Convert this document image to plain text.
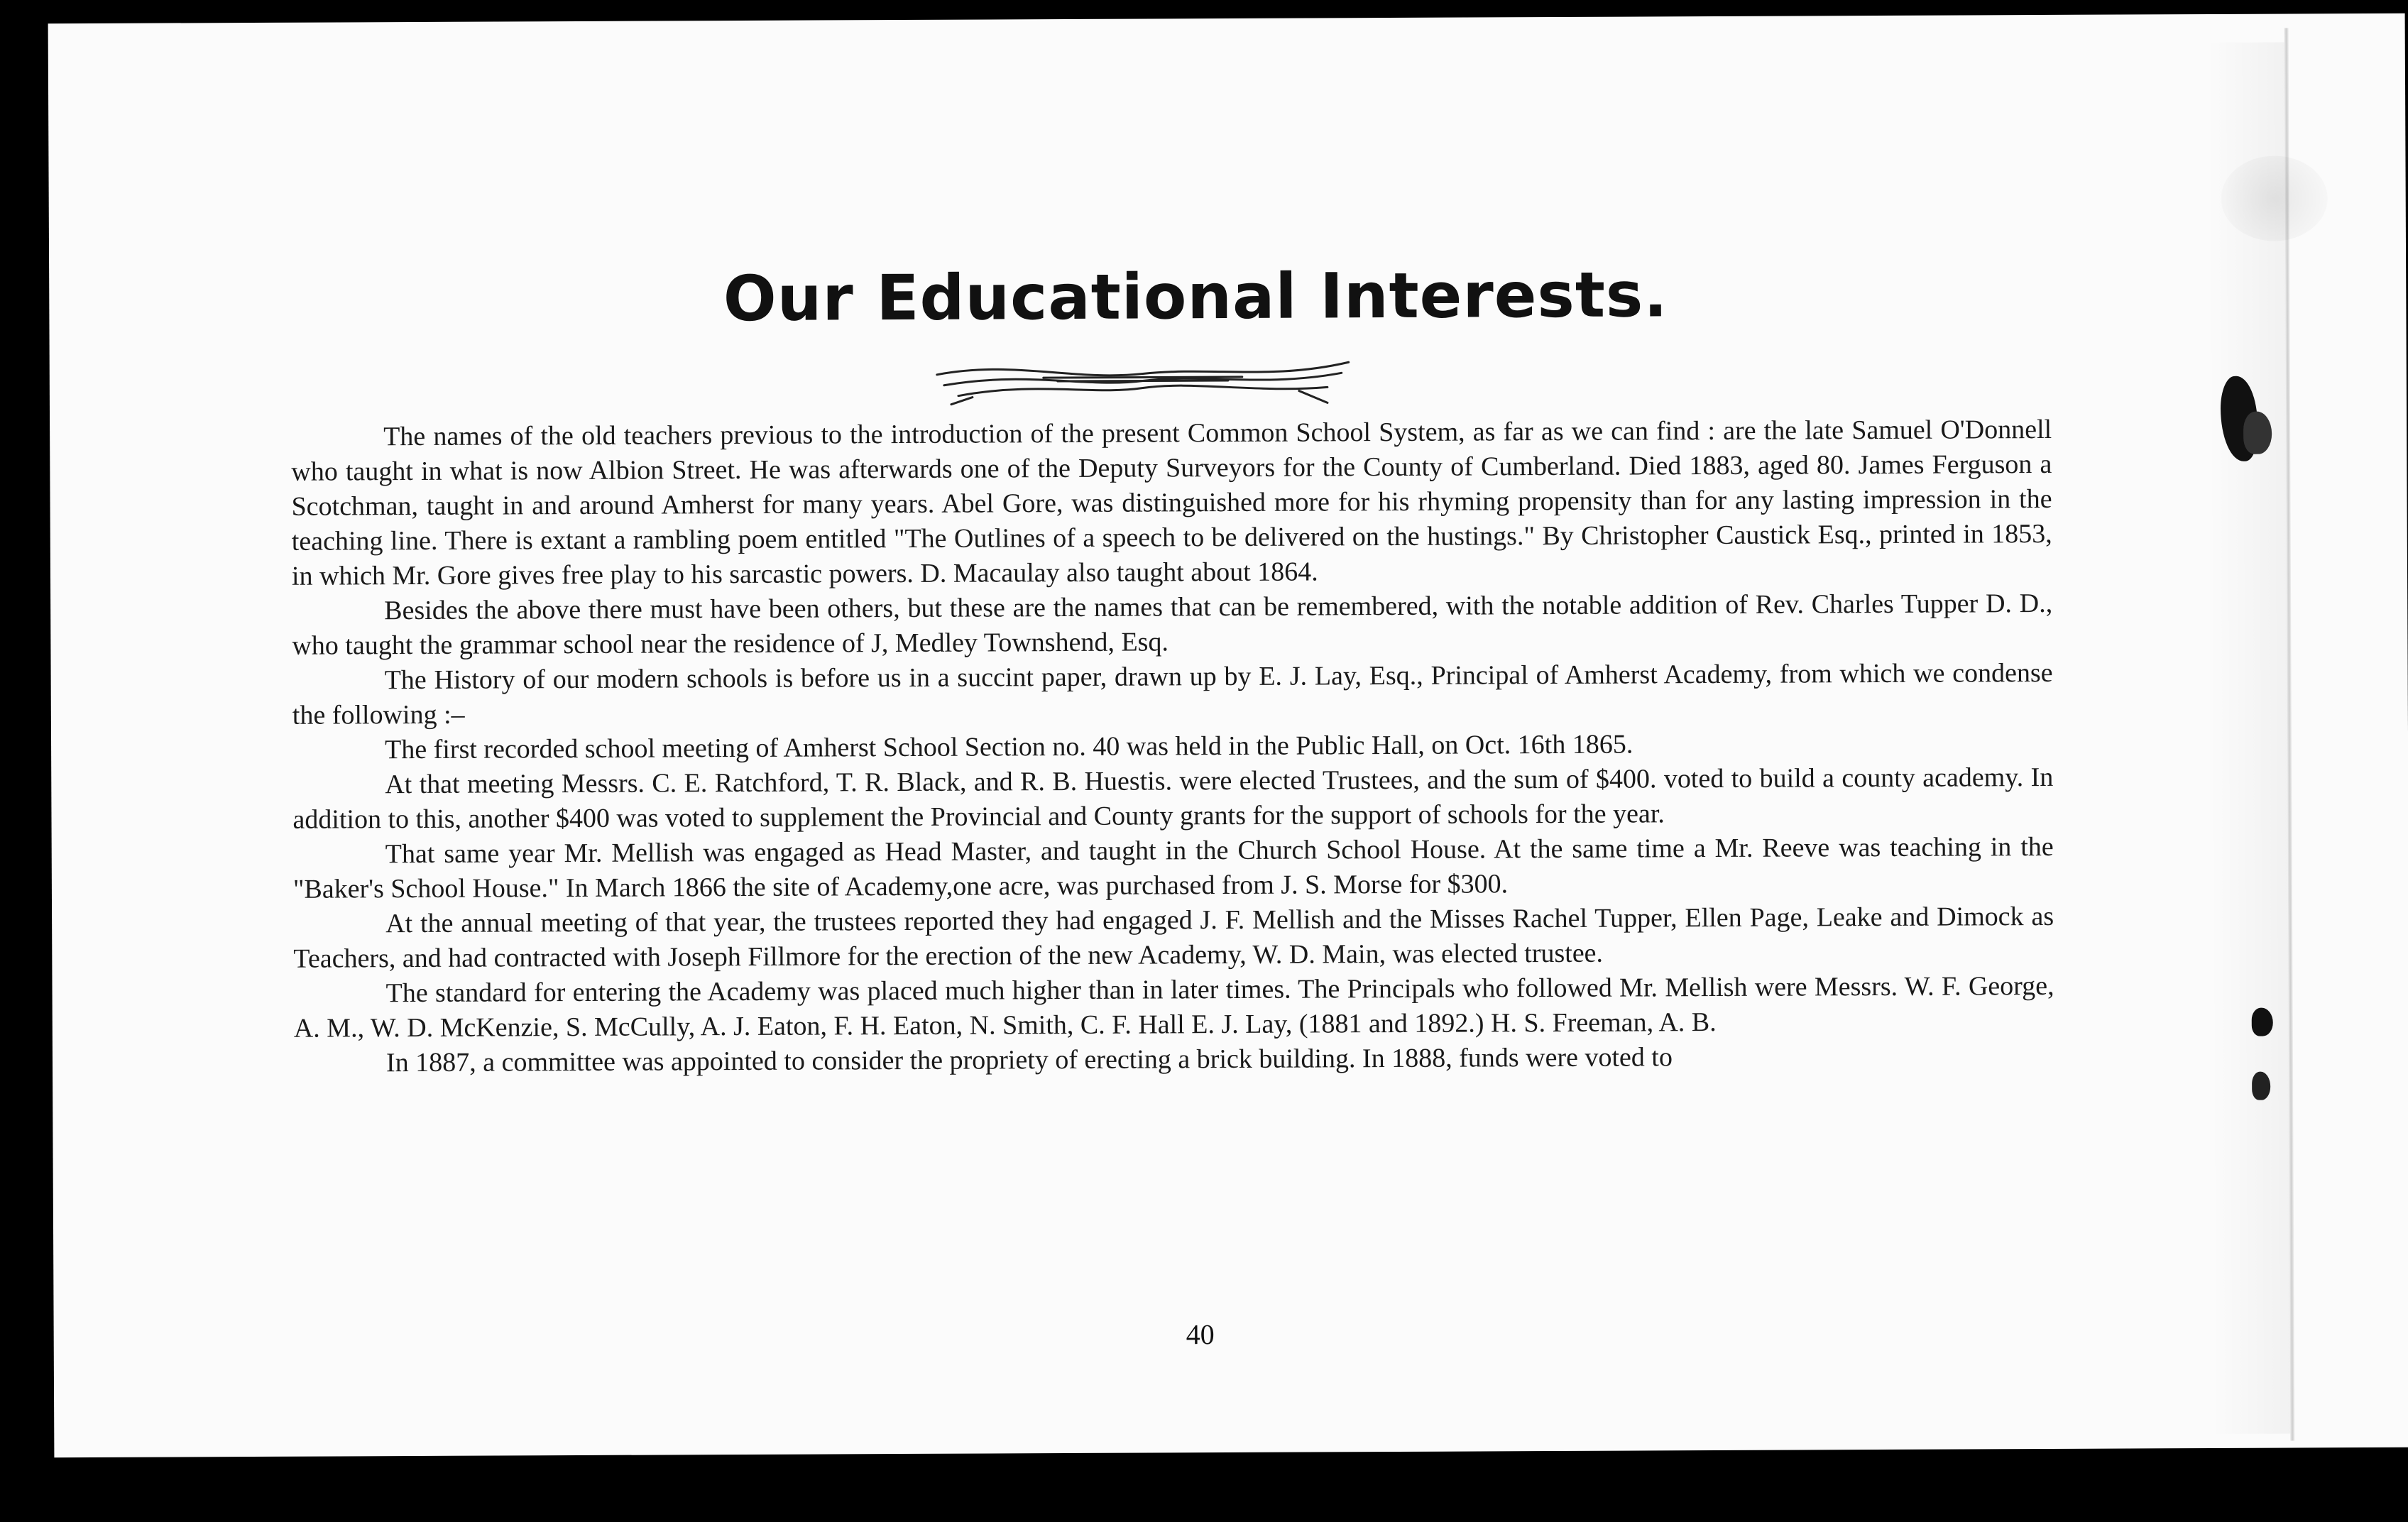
Our Educational Interests.

The names of the old teachers previous to the introduction of the present Common School System, as far as we can find : are the late Samuel O'Donnell who taught in what is now Albion Street. He was afterwards one of the Deputy Surveyors for the County of Cumberland. Died 1883, aged 80. James Ferguson a Scotchman, taught in and around Amherst for many years. Abel Gore, was distinguished more for his rhyming propensity than for any lasting impression in the teaching line. There is extant a rambling poem entitled "The Outlines of a speech to be delivered on the hustings." By Christopher Caustick Esq., printed in 1853, in which Mr. Gore gives free play to his sarcastic powers. D. Macaulay also taught about 1864.

Besides the above there must have been others, but these are the names that can be remembered, with the notable addition of Rev. Charles Tupper D. D., who taught the grammar school near the residence of J, Medley Townshend, Esq.

The History of our modern schools is before us in a succint paper, drawn up by E. J. Lay, Esq., Principal of Amherst Academy, from which we condense the following :–

The first recorded school meeting of Amherst School Section no. 40 was held in the Public Hall, on Oct. 16th 1865.

At that meeting Messrs. C. E. Ratchford, T. R. Black, and R. B. Huestis. were elected Trustees, and the sum of $400. voted to build a county academy. In addition to this, another $400 was voted to supplement the Provincial and County grants for the support of schools for the year.

That same year Mr. Mellish was engaged as Head Master, and taught in the Church School House. At the same time a Mr. Reeve was teaching in the "Baker's School House." In March 1866 the site of Academy,one acre, was purchased from J. S. Morse for $300.

At the annual meeting of that year, the trustees reported they had engaged J. F. Mellish and the Misses Rachel Tupper, Ellen Page, Leake and Dimock as Teachers, and had contracted with Joseph Fillmore for the erection of the new Academy, W. D. Main, was elected trustee.

The standard for entering the Academy was placed much higher than in later times. The Principals who followed Mr. Mellish were Messrs. W. F. George, A. M., W. D. McKenzie, S. McCully, A. J. Eaton, F. H. Eaton, N. Smith, C. F. Hall E. J. Lay, (1881 and 1892.) H. S. Freeman, A. B.

In 1887, a committee was appointed to consider the propriety of erecting a brick building. In 1888, funds were voted to

40
